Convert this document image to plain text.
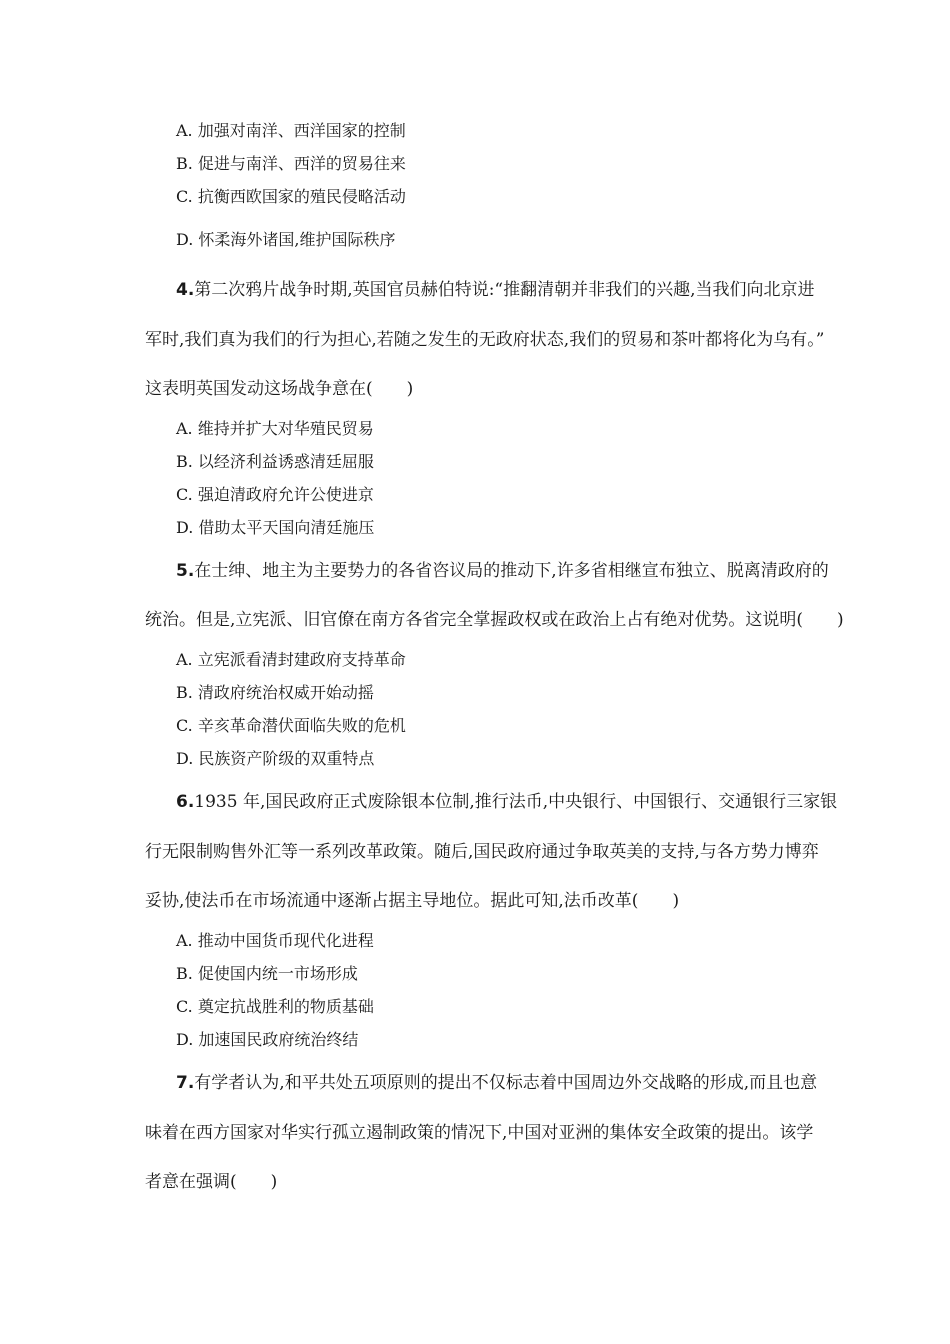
A. 加强对南洋、西洋国家的控制
B. 促进与南洋、西洋的贸易往来
C. 抗衡西欧国家的殖民侵略活动
D. 怀柔海外诸国,维护国际秩序
4.第二次鸦片战争时期,英国官员赫伯特说:“推翻清朝并非我们的兴趣,当我们向北京进
军时,我们真为我们的行为担心,若随之发生的无政府状态,我们的贸易和茶叶都将化为乌有。”
这表明英国发动这场战争意在(　　)
A. 维持并扩大对华殖民贸易
B. 以经济利益诱惑清廷屈服
C. 强迫清政府允许公使进京
D. 借助太平天国向清廷施压
5.在士绅、地主为主要势力的各省咨议局的推动下,许多省相继宣布独立、脱离清政府的
统治。但是,立宪派、旧官僚在南方各省完全掌握政权或在政治上占有绝对优势。这说明(　　)
A. 立宪派看清封建政府支持革命
B. 清政府统治权威开始动摇
C. 辛亥革命潜伏面临失败的危机
D. 民族资产阶级的双重特点
6.1935 年,国民政府正式废除银本位制,推行法币,中央银行、中国银行、交通银行三家银
行无限制购售外汇等一系列改革政策。随后,国民政府通过争取英美的支持,与各方势力博弈
妥协,使法币在市场流通中逐渐占据主导地位。据此可知,法币改革(　　)
A. 推动中国货币现代化进程
B. 促使国内统一市场形成
C. 奠定抗战胜利的物质基础
D. 加速国民政府统治终结
7.有学者认为,和平共处五项原则的提出不仅标志着中国周边外交战略的形成,而且也意
味着在西方国家对华实行孤立遏制政策的情况下,中国对亚洲的集体安全政策的提出。该学
者意在强调(　　)
